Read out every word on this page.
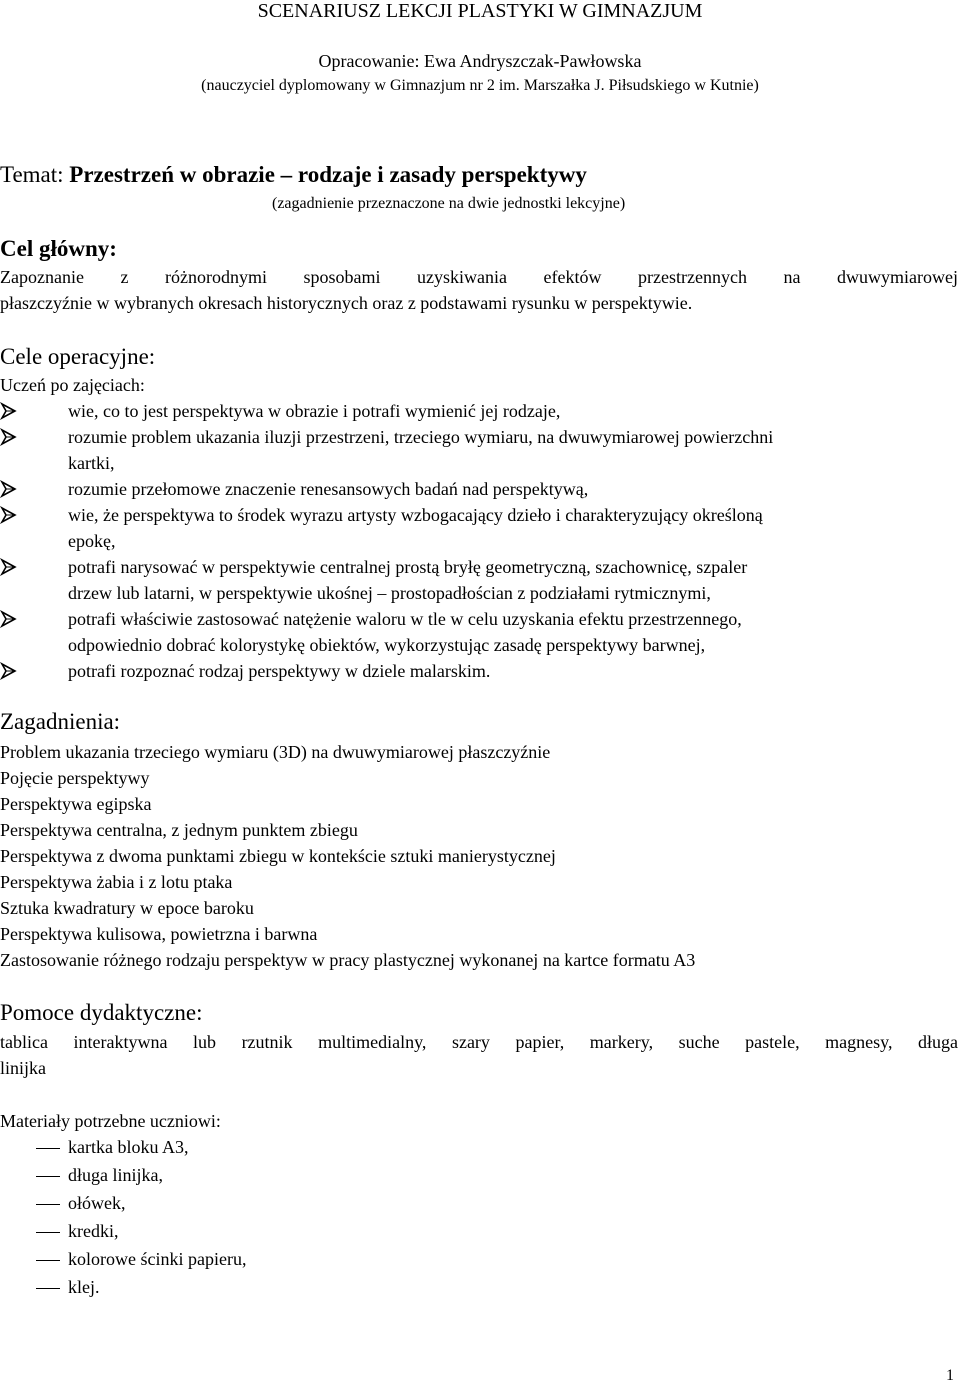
SCENARIUSZ LEKCJI PLASTYKI W GIMNAZJUM
Opracowanie: Ewa Andryszczak-Pawłowska
(nauczyciel dyplomowany w Gimnazjum nr 2 im. Marszałka J. Piłsudskiego w Kutnie)
Temat: Przestrzeń w obrazie – rodzaje i zasady perspektywy
(zagadnienie przeznaczone na dwie jednostki lekcyjne)
Cel główny:
Zapoznanie z różnorodnymi sposobami uzyskiwania efektów przestrzennych na dwuwymiarowej
płaszczyźnie w wybranych okresach historycznych oraz z podstawami rysunku w perspektywie.
Cele operacyjne:
Uczeń po zajęciach:
wie, co to jest perspektywa w obrazie i potrafi wymienić jej rodzaje,
rozumie problem ukazania iluzji przestrzeni, trzeciego wymiaru, na dwuwymiarowej powierzchni
kartki,
rozumie przełomowe znaczenie renesansowych badań nad perspektywą,
wie, że perspektywa to środek wyrazu artysty wzbogacający dzieło i charakteryzujący określoną
epokę,
potrafi narysować w perspektywie centralnej prostą bryłę geometryczną, szachownicę, szpaler
drzew lub latarni, w perspektywie ukośnej – prostopadłościan z podziałami rytmicznymi,
potrafi właściwie zastosować natężenie waloru w tle w celu uzyskania efektu przestrzennego,
odpowiednio dobrać kolorystykę obiektów, wykorzystując zasadę perspektywy barwnej,
potrafi rozpoznać rodzaj perspektywy w dziele malarskim.
Zagadnienia:
Problem ukazania trzeciego wymiaru (3D) na dwuwymiarowej płaszczyźnie
Pojęcie perspektywy
Perspektywa egipska
Perspektywa centralna, z jednym punktem zbiegu
Perspektywa z dwoma punktami zbiegu w kontekście sztuki manierystycznej
Perspektywa żabia i z lotu ptaka
Sztuka kwadratury w epoce baroku
Perspektywa kulisowa, powietrzna i barwna
Zastosowanie różnego rodzaju perspektyw w pracy plastycznej wykonanej na kartce formatu A3
Pomoce dydaktyczne:
tablica interaktywna lub rzutnik multimedialny, szary papier, markery, suche pastele, magnesy, długa
linijka
Materiały potrzebne uczniowi:
kartka bloku A3,
długa linijka,
ołówek,
kredki,
kolorowe ścinki papieru,
klej.
1
